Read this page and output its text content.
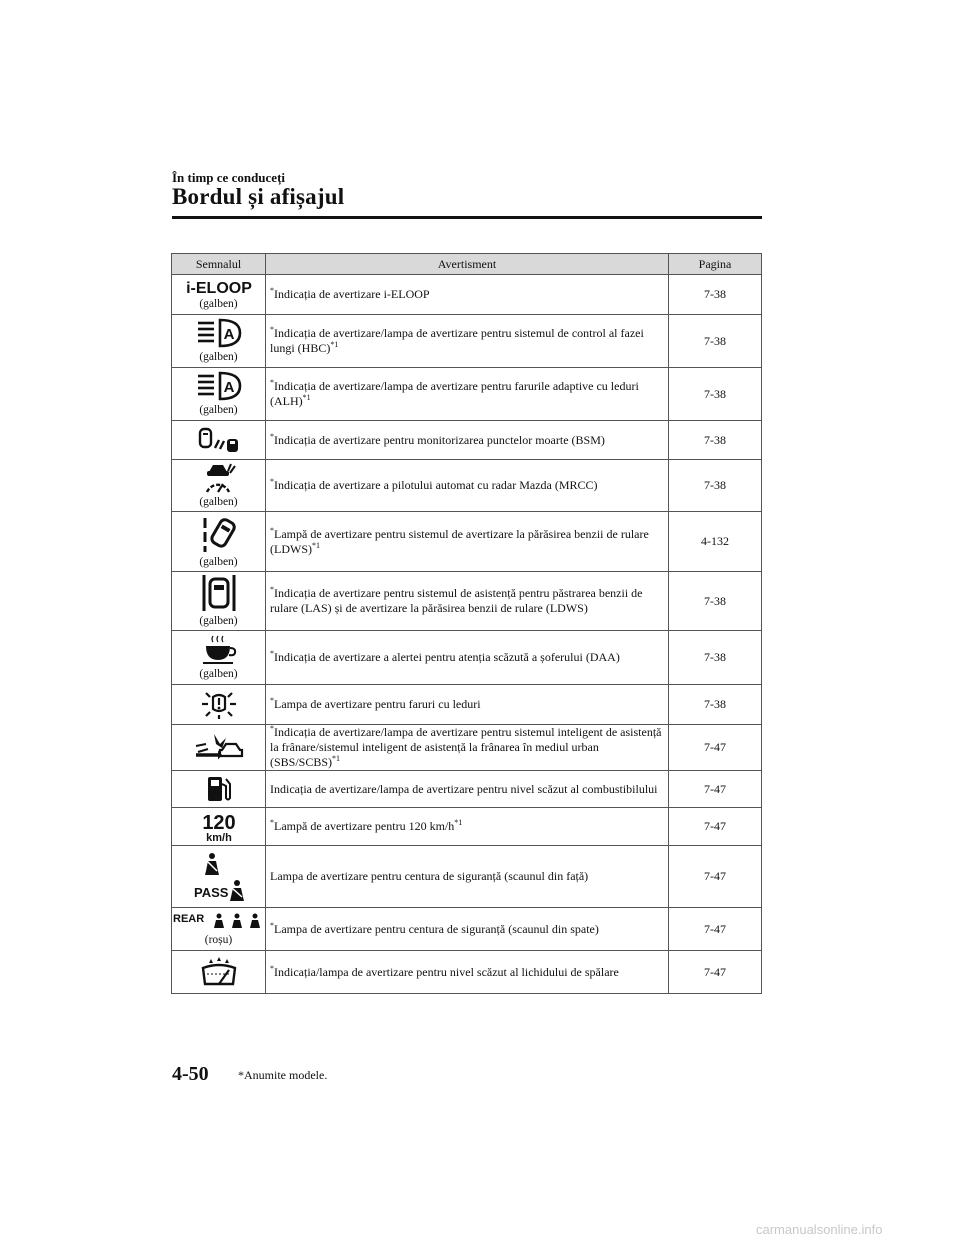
În timp ce conduceți
Bordul și afișajul
Semnalul	Avertisment	Pagina

i-ELOOP
(galben)	*Indicația de avertizare i-ELOOP	7-38

A
(galben)	*Indicația de avertizare/lampa de avertizare pentru sistemul de control al fazei lungi (HBC)$^{*1}$	7-38

A
(galben)	*Indicația de avertizare/lampa de avertizare pentru farurile adaptive cu leduri (ALH)$^{*1}$	7-38

	*Indicația de avertizare pentru monitorizarea punctelor moarte (BSM)	7-38

(galben)	*Indicația de avertizare a pilotului automat cu radar Mazda (MRCC)	7-38

(galben)	*Lampă de avertizare pentru sistemul de avertizare la părăsirea benzii de rulare (LDWS)$^{*1}$	4-132

(galben)	*Indicația de avertizare pentru sistemul de asistență pentru păstrarea benzii de rulare (LAS) și de avertizare la părăsirea benzii de rulare (LDWS)	7-38

(galben)	*Indicația de avertizare a alertei pentru atenția scăzută a șoferului (DAA)	7-38

	*Lampa de avertizare pentru faruri cu leduri	7-38

	*Indicația de avertizare/lampa de avertizare pentru sistemul inteligent de asistență la frânare/sistemul inteligent de asistență la frânarea în mediul urban (SBS/SCBS)$^{*1}$	7-47

	Indicația de avertizare/lampa de avertizare pentru nivel scăzut al combustibilului	7-47

120
km/h	*Lampă de avertizare pentru 120 $km/h^{*1}$	7-47

PASS	Lampa de avertizare pentru centura de siguranță (scaunul din față)	7-47

REAR
(roșu)	*Lampa de avertizare pentru centura de siguranță (scaunul din spate)	7-47

	*Indicația/lampa de avertizare pentru nivel scăzut al lichidului de spălare	7-47
4-50 *Anumite modele.
carmanualsonline.info
